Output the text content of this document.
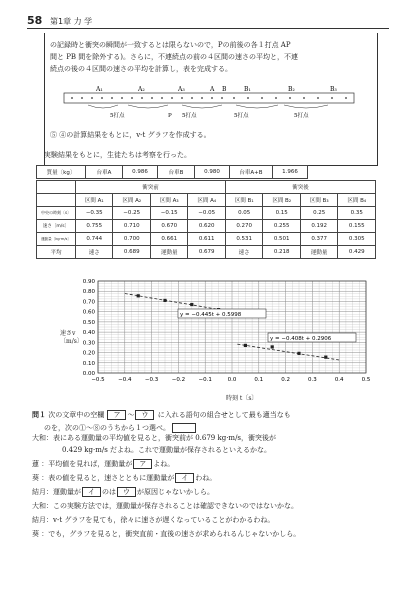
58 第1章 力 学
の記録時と衝突の瞬間が一致するとは限らないので，Pの前後の各１打点 AP
間と PB 間を除外する)。さらに，不連続点の前の４区間の速さの平均と，不連
続点の後の４区間の速さの平均を計算し，表を完成する。
A₁	A₂	A₃	A B	B₁	B₂	B₃
5打点	P 5打点	5打点	5打点
⑤ ④の計算結果をもとに，v-t グラフを作成する。
実験結果をもとに，生徒たちは考察を行った。
質量〔kg〕	台車A	0.986	台車B	0.980	台車A+B	1.966
	衝突前				衝突後			
	区間 A₁	区間 A₂	区間 A₃	区間 A₄	区間 B₁	区間 B₂	区間 B₃	区間 B₄
中央の時刻〔s〕	−0.35	−0.25	−0.15	−0.05	0.05	0.15	0.25	0.35
速さ〔m/s〕	0.755	0.710	0.670	0.620	0.270	0.255	0.192	0.155
運動量〔kg·m/s〕	0.744	0.700	0.661	0.611	0.531	0.501	0.377	0.305
平均	速さ	0.689	運動量	0.679	速さ	0.218	運動量	0.429
0.00
0.10
0.20
0.30
0.40
0.50
0.60
0.70
0.80
0.90
−0.5 −0.4 −0.3 −0.2 −0.1	0.0	0.1	0.2	0.3	0.4	0.5
y = −0.445t + 0.5998
y = −0.408t + 0.2906
速さv〔m/s〕
時刻 t〔s〕
問１ 次の文章中の空欄 ア 〜 ウ に入れる語句の組合せとして最も適当なも
のを，次の①〜⑧のうちから１つ選べ。
大和：表にある運動量の平均値を見ると，衝突前が 0.679 kg·m/s，衝突後が
0.429 kg·m/s だよね。これで運動量が保存されるといえるかな。
蓮 ：平均値を見れば，運動量が ア よね。
葵 ：表の値を見ると，速さとともに運動量が イ わね。
結月：運動量が イ のは ウ が原因じゃないかしら。
大和：この実験方法では，運動量が保存されることは確認できないのではないかな。
結月：v-t グラフを見ても，徐々に速さが遅くなっていることがわかるわね。
葵 ：でも，グラフを見ると，衝突直前・直後の速さが求められるんじゃないかしら。
